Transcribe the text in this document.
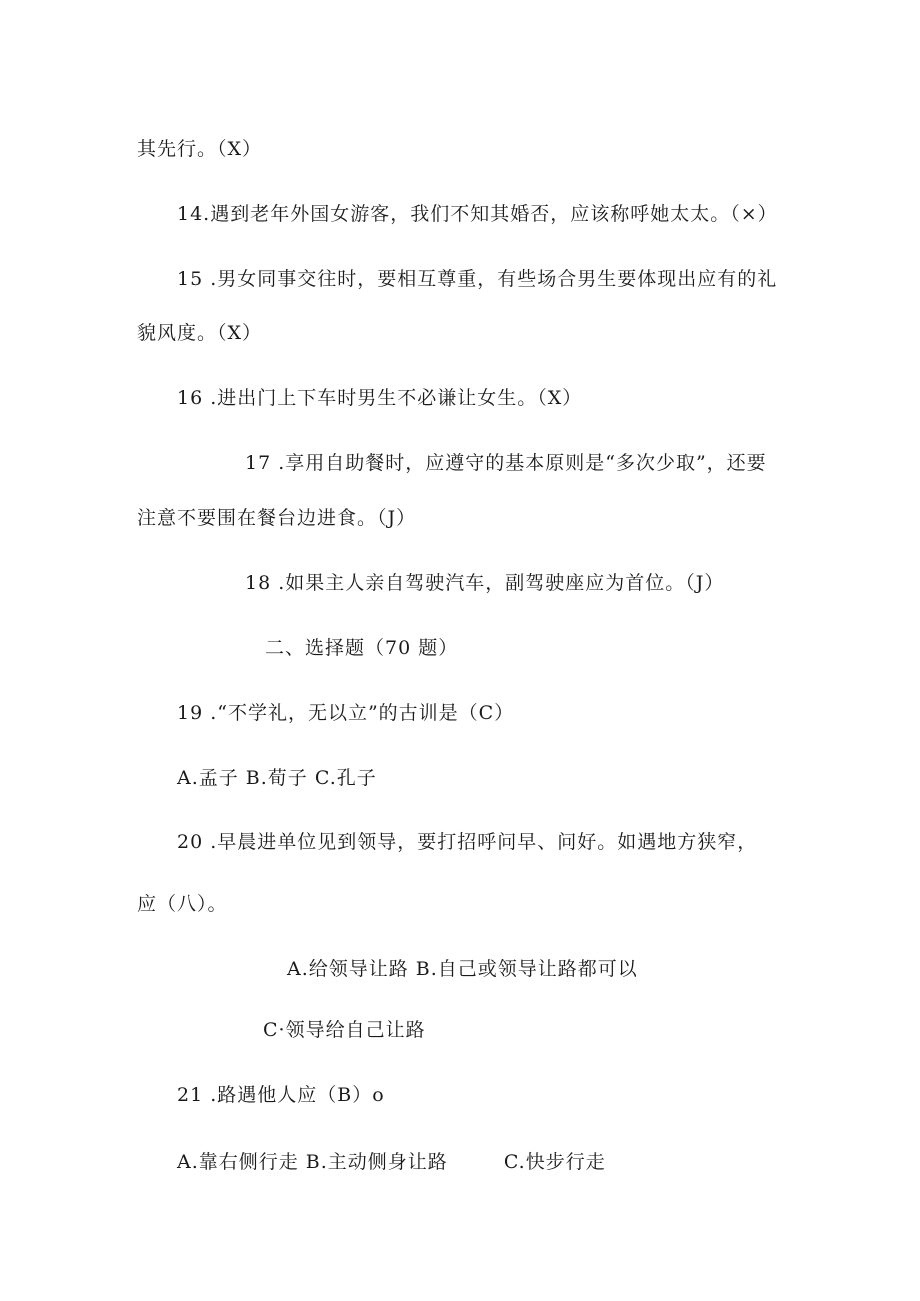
其先行。（X）
14.遇到老年外国女游客，我们不知其婚否，应该称呼她太太。（×）
15 .男女同事交往时，要相互尊重，有些场合男生要体现出应有的礼
貌风度。（X）
16 .进出门上下车时男生不必谦让女生。（X）
17 .享用自助餐时，应遵守的基本原则是“多次少取”，还要
注意不要围在餐台边进食。（J）
18 .如果主人亲自驾驶汽车，副驾驶座应为首位。（J）
二、选择题（70 题）
19 .“不学礼，无以立”的古训是（C）
A.孟子 B.荀子 C.孔子
20 .早晨进单位见到领导，要打招呼问早、问好。如遇地方狭窄，
应（八）。
A.给领导让路 B.自己或领导让路都可以
C·领导给自己让路
21 .路遇他人应（B）o
A.靠右侧行走 B.主动侧身让路	C.快步行走
